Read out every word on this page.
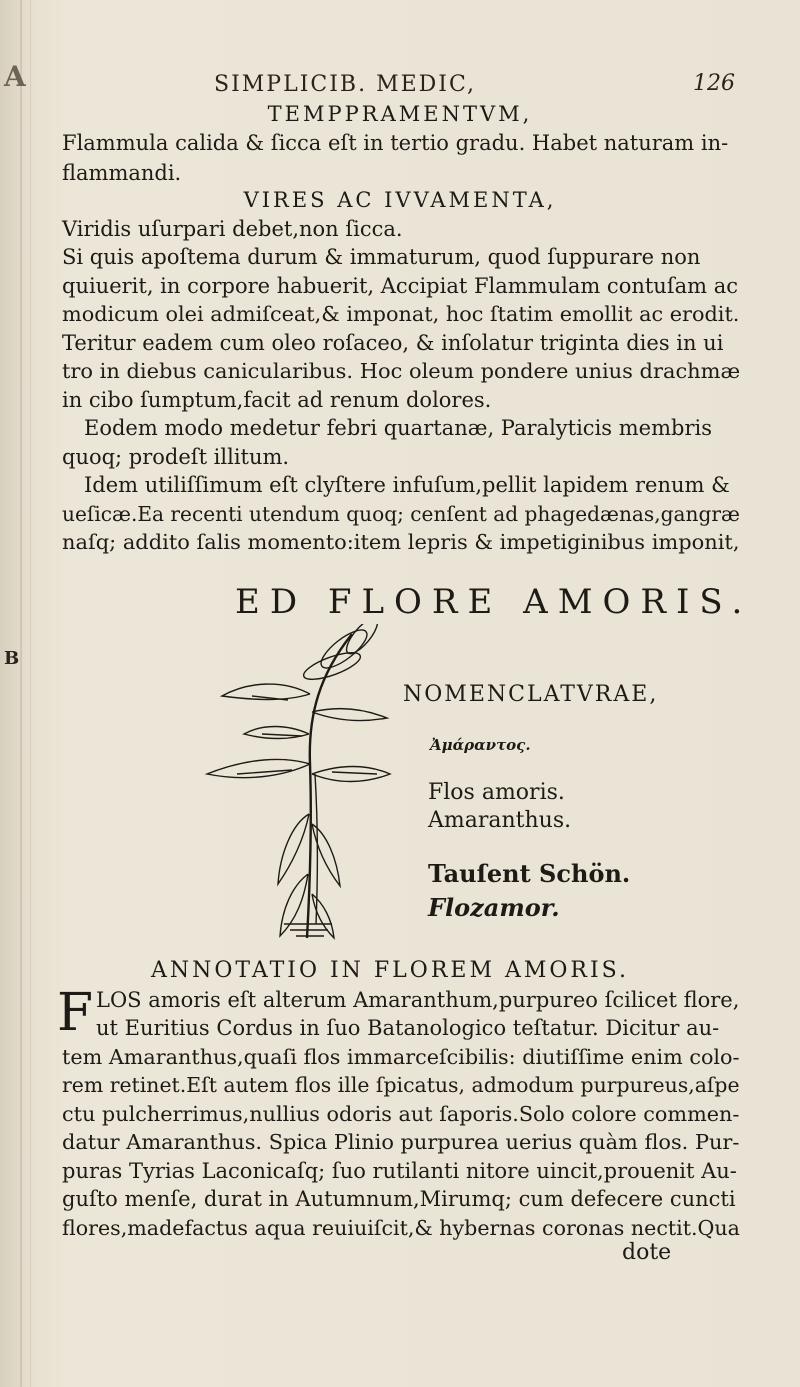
A
B
SIMPLICIB. MEDIC,	126
TEMPPRAMENTVM,
Flammula calida & ſicca eſt in tertio gradu. Habet naturam in-
flammandi.
VIRES AC IVVAMENTA,
Viridis uſurpari debet,non ſicca.
Si quis apoſtema durum & immaturum, quod ſuppurare non
quiuerit, in corpore habuerit, Accipiat Flammulam contuſam ac
modicum olei admiſceat,& imponat, hoc ſtatim emollit ac erodit.
Teritur eadem cum oleo roſaceo, & inſolatur triginta dies in ui
tro in diebus canicularibus. Hoc oleum pondere unius drachmæ
in cibo ſumptum,facit ad renum dolores.
Eodem modo medetur febri quartanæ, Paralyticis membris
quoq; prodeſt illitum.
Idem utiliſſimum eſt clyſtere infuſum,pellit lapidem renum &
ueſicæ.Ea recenti utendum quoq; cenſent ad phagedænas,gangræ
naſq; addito ſalis momento:item lepris & impetiginibus imponit,
ED FLORE AMORIS.
NOMENCLATVRAE,
Ἀμάραντος.
Flos amoris.
Amaranthus.
Tauſent Schön.
Flozamor.
ANNOTATIO IN FLOREM AMORIS.
F LOS amoris eſt alterum Amaranthum,purpureo ſcilicet flore,
ut Euritius Cordus in ſuo Batanologico teſtatur. Dicitur au-
tem Amaranthus,quaſi flos immarceſcibilis: diutiſſime enim colo-
rem retinet.Eſt autem flos ille ſpicatus, admodum purpureus,aſpe
ctu pulcherrimus,nullius odoris aut ſaporis.Solo colore commen-
datur Amaranthus. Spica Plinio purpurea uerius quàm flos. Pur-
puras Tyrias Laconicaſq; ſuo rutilanti nitore uincit,prouenit Au-
guſto menſe, durat in Autumnum,Mirumq; cum defecere cuncti
flores,madefactus aqua reuiuiſcit,& hybernas coronas nectit.Qua
dote
